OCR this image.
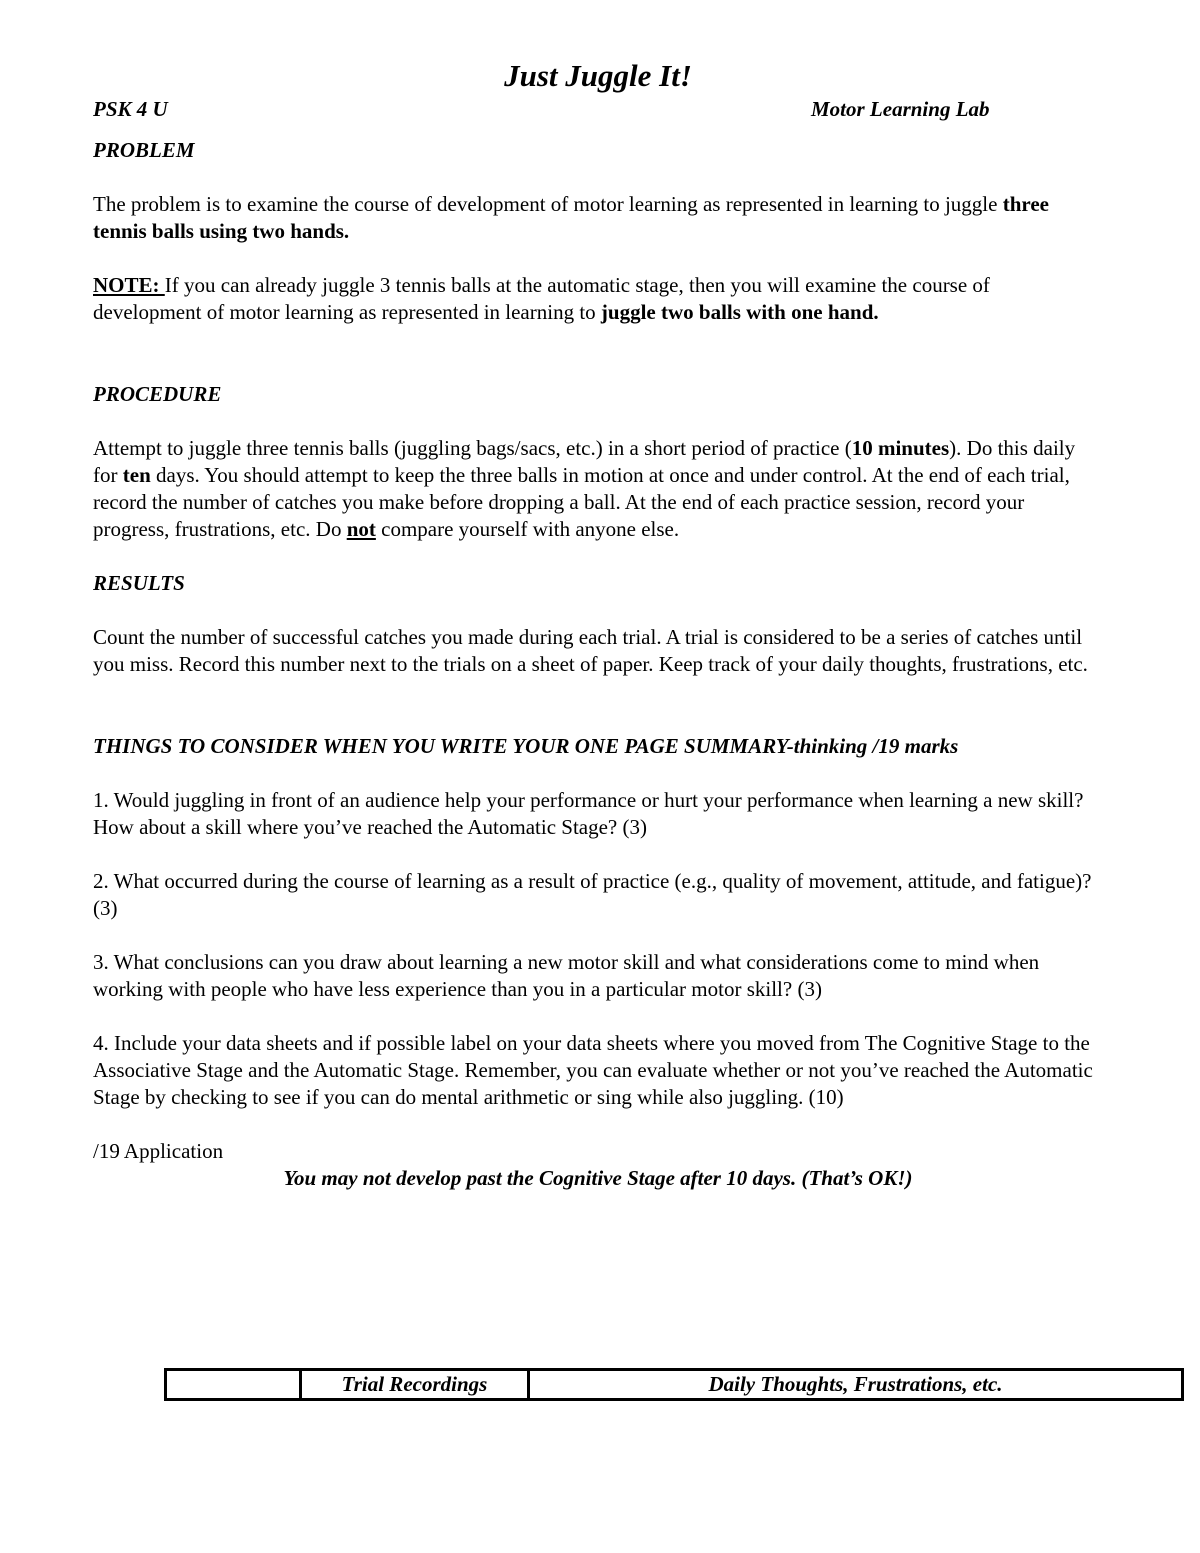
Just Juggle It!
PSK 4 U	Motor Learning Lab

PROBLEM

The problem is to examine the course of development of motor learning as represented in learning to juggle three tennis balls using two hands.

NOTE: If you can already juggle 3 tennis balls at the automatic stage, then you will examine the course of development of motor learning as represented in learning to juggle two balls with one hand.

PROCEDURE

Attempt to juggle three tennis balls (juggling bags/sacs, etc.) in a short period of practice (10 minutes). Do this daily for ten days. You should attempt to keep the three balls in motion at once and under control. At the end of each trial, record the number of catches you make before dropping a ball. At the end of each practice session, record your progress, frustrations, etc. Do not compare yourself with anyone else.

RESULTS

Count the number of successful catches you made during each trial. A trial is considered to be a series of catches until you miss. Record this number next to the trials on a sheet of paper. Keep track of your daily thoughts, frustrations, etc.

THINGS TO CONSIDER WHEN YOU WRITE YOUR ONE PAGE SUMMARY-thinking /19 marks

1. Would juggling in front of an audience help your performance or hurt your performance when learning a new skill? How about a skill where you’ve reached the Automatic Stage? (3)

2. What occurred during the course of learning as a result of practice (e.g., quality of movement, attitude, and fatigue)? (3)

3. What conclusions can you draw about learning a new motor skill and what considerations come to mind when working with people who have less experience than you in a particular motor skill? (3)

4. Include your data sheets and if possible label on your data sheets where you moved from The Cognitive Stage to the Associative Stage and the Automatic Stage. Remember, you can evaluate whether or not you’ve reached the Automatic Stage by checking to see if you can do mental arithmetic or sing while also juggling. (10)

/19 Application

You may not develop past the Cognitive Stage after 10 days. (That’s OK!)

	Trial Recordings	Daily Thoughts, Frustrations, etc.
